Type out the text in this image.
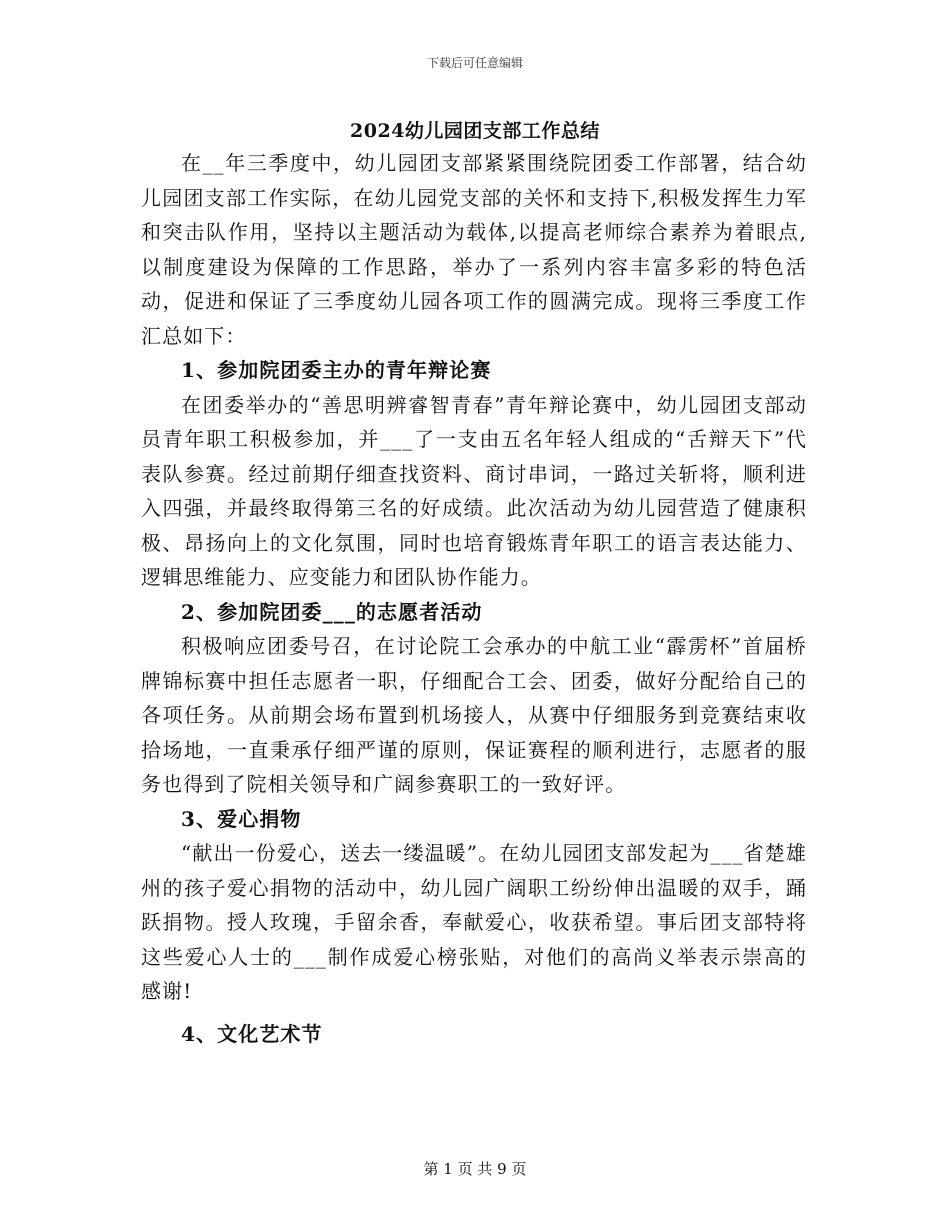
下载后可任意编辑
2024幼儿园团支部工作总结

在__年三季度中，幼儿园团支部紧紧围绕院团委工作部署，结合幼儿园团支部工作实际，在幼儿园党支部的关怀和支持下,积极发挥生力军和突击队作用，坚持以主题活动为载体,以提高老师综合素养为着眼点,以制度建设为保障的工作思路，举办了一系列内容丰富多彩的特色活动，促进和保证了三季度幼儿园各项工作的圆满完成。现将三季度工作汇总如下：

1、参加院团委主办的青年辩论赛

在团委举办的“善思明辨睿智青春”青年辩论赛中，幼儿园团支部动员青年职工积极参加，并___了一支由五名年轻人组成的“舌辩天下”代表队参赛。经过前期仔细查找资料、商讨串词，一路过关斩将，顺利进入四强，并最终取得第三名的好成绩。此次活动为幼儿园营造了健康积极、昂扬向上的文化氛围，同时也培育锻炼青年职工的语言表达能力、逻辑思维能力、应变能力和团队协作能力。

2、参加院团委___的志愿者活动

积极响应团委号召，在讨论院工会承办的中航工业“霹雳杯”首届桥牌锦标赛中担任志愿者一职，仔细配合工会、团委，做好分配给自己的各项任务。从前期会场布置到机场接人，从赛中仔细服务到竞赛结束收拾场地，一直秉承仔细严谨的原则，保证赛程的顺利进行，志愿者的服务也得到了院相关领导和广阔参赛职工的一致好评。

3、爱心捐物

“献出一份爱心，送去一缕温暖”。在幼儿园团支部发起为___省楚雄州的孩子爱心捐物的活动中，幼儿园广阔职工纷纷伸出温暖的双手，踊跃捐物。授人玫瑰，手留余香，奉献爱心，收获希望。事后团支部特将这些爱心人士的___制作成爱心榜张贴，对他们的高尚义举表示崇高的感谢!

4、文化艺术节

第 1 页 共 9 页
